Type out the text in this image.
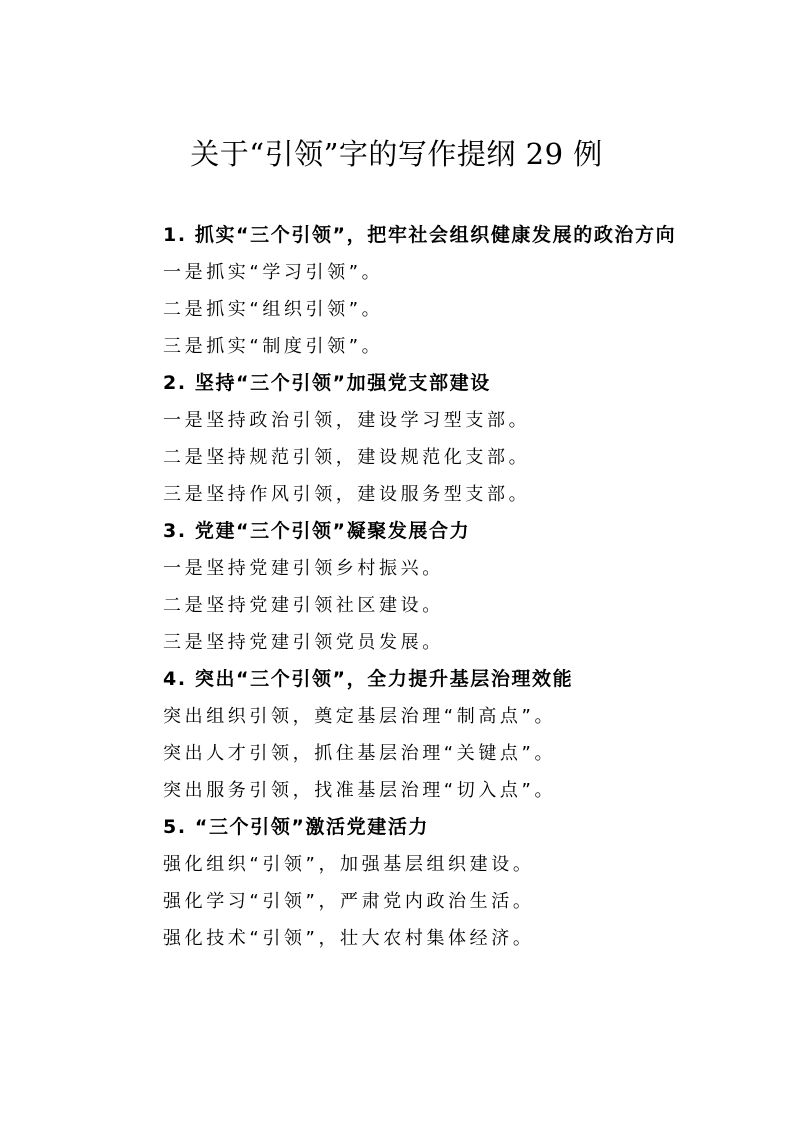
关于“引领”字的写作提纲 29 例

1. 抓实“三个引领”，把牢社会组织健康发展的政治方向

一是抓实“学习引领”。

二是抓实“组织引领”。

三是抓实“制度引领”。

2. 坚持“三个引领”加强党支部建设

一是坚持政治引领，建设学习型支部。

二是坚持规范引领，建设规范化支部。

三是坚持作风引领，建设服务型支部。

3. 党建“三个引领”凝聚发展合力

一是坚持党建引领乡村振兴。

二是坚持党建引领社区建设。

三是坚持党建引领党员发展。

4. 突出“三个引领”，全力提升基层治理效能

突出组织引领，奠定基层治理“制高点”。

突出人才引领，抓住基层治理“关键点”。

突出服务引领，找准基层治理“切入点”。

5. “三个引领”激活党建活力

强化组织“引领”，加强基层组织建设。

强化学习“引领”，严肃党内政治生活。

强化技术“引领”，壮大农村集体经济。
